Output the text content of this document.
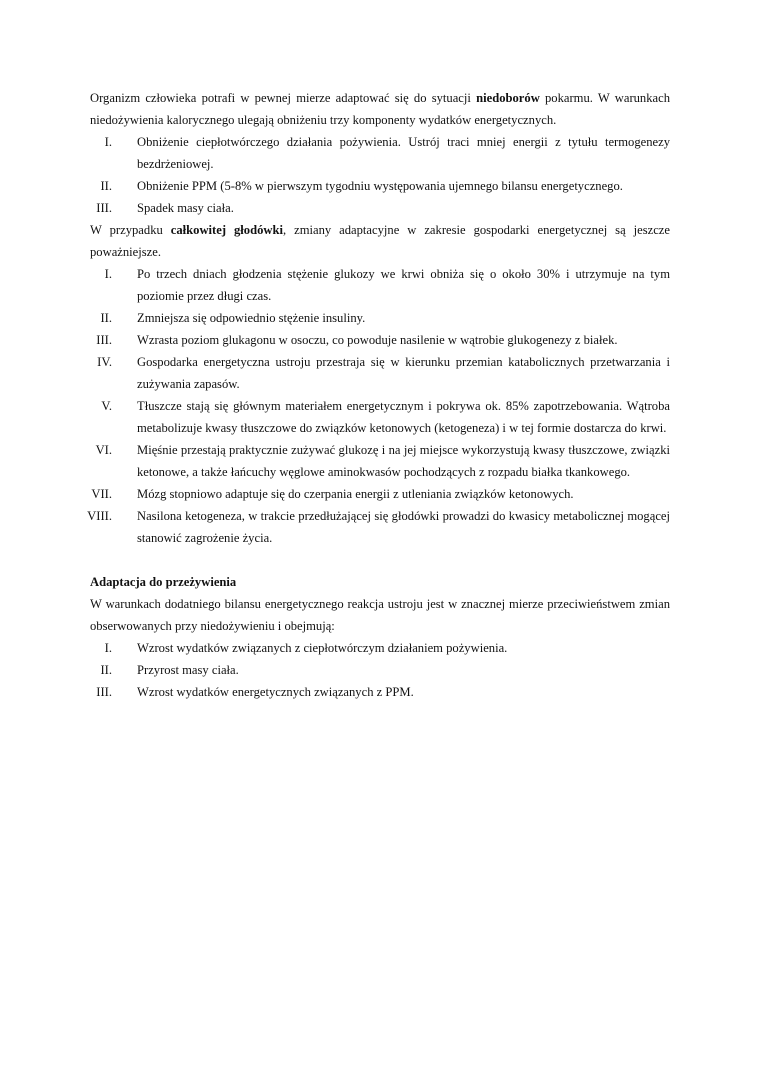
Organizm człowieka potrafi w pewnej mierze adaptować się do sytuacji niedoborów pokarmu. W warunkach niedożywienia kalorycznego ulegają obniżeniu trzy komponenty wydatków energetycznych.

I. Obniżenie ciepłotwórczego działania pożywienia. Ustrój traci mniej energii z tytułu termogenezy bezdrżeniowej.
II. Obniżenie PPM (5-8% w pierwszym tygodniu występowania ujemnego bilansu energetycznego.
III. Spadek masy ciała.

W przypadku całkowitej głodówki, zmiany adaptacyjne w zakresie gospodarki energetycznej są jeszcze poważniejsze.

I. Po trzech dniach głodzenia stężenie glukozy we krwi obniża się o około 30% i utrzymuje na tym poziomie przez długi czas.
II. Zmniejsza się odpowiednio stężenie insuliny.
III. Wzrasta poziom glukagonu w osoczu, co powoduje nasilenie w wątrobie glukogenezy z białek.
IV. Gospodarka energetyczna ustroju przestraja się w kierunku przemian katabolicznych przetwarzania i zużywania zapasów.
V. Tłuszcze stają się głównym materiałem energetycznym i pokrywa ok. 85% zapotrzebowania. Wątroba metabolizuje kwasy tłuszczowe do związków ketonowych (ketogeneza) i w tej formie dostarcza do krwi.
VI. Mięśnie przestają praktycznie zużywać glukozę i na jej miejsce wykorzystują kwasy tłuszczowe, związki ketonowe, a także łańcuchy węglowe aminokwasów pochodzących z rozpadu białka tkankowego.
VII. Mózg stopniowo adaptuje się do czerpania energii z utleniania związków ketonowych.
VIII. Nasilona ketogeneza, w trakcie przedłużającej się głodówki prowadzi do kwasicy metabolicznej mogącej stanowić zagrożenie życia.

Adaptacja do przeżywienia

W warunkach dodatniego bilansu energetycznego reakcja ustroju jest w znacznej mierze przeciwieństwem zmian obserwowanych przy niedożywieniu i obejmują:

I. Wzrost wydatków związanych z ciepłotwórczym działaniem pożywienia.
II. Przyrost masy ciała.
III. Wzrost wydatków energetycznych związanych z PPM.
